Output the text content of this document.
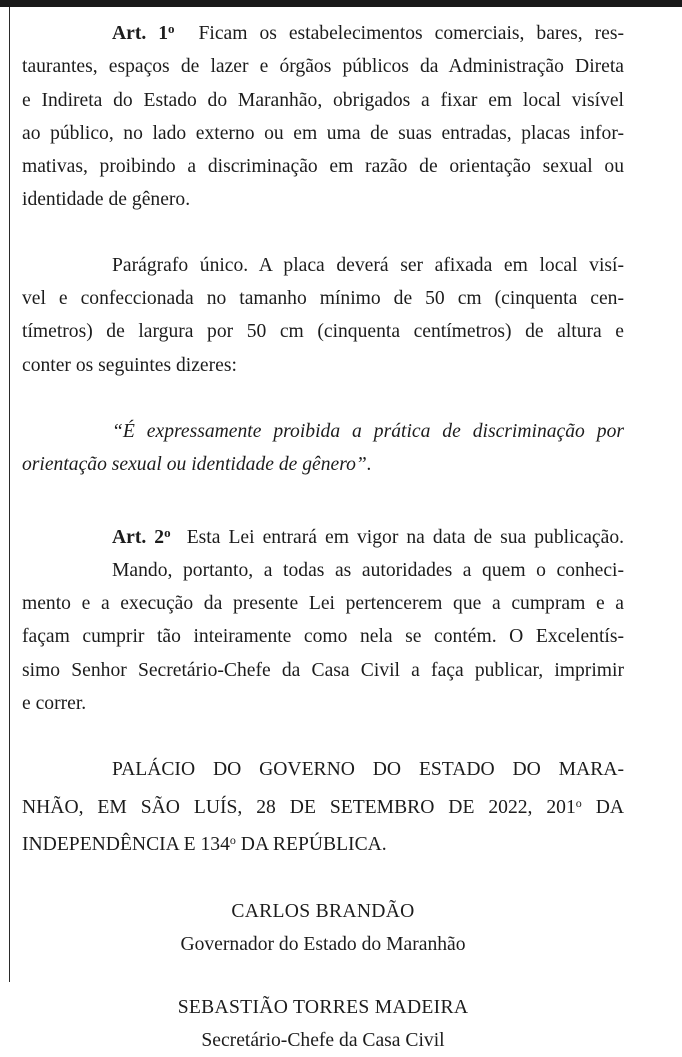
Art. 1$^o$ Ficam os estabelecimentos comerciais, bares, res-

taurantes, espaços de lazer e órgãos públicos da Administração Direta

e Indireta do Estado do Maranhão, obrigados a fixar em local visível

ao público, no lado externo ou em uma de suas entradas, placas infor-

mativas, proibindo a discriminação em razão de orientação sexual ou

identidade de gênero.

Parágrafo único. A placa deverá ser afixada em local visí-

vel e confeccionada no tamanho mínimo de 50 cm (cinquenta cen-

tímetros) de largura por 50 cm (cinquenta centímetros) de altura e

conter os seguintes dizeres:

“É expressamente proibida a prática de discriminação por

orientação sexual ou identidade de gênero”.

Art. 2$^o$ Esta Lei entrará em vigor na data de sua publicação.

Mando, portanto, a todas as autoridades a quem o conheci-

mento e a execução da presente Lei pertencerem que a cumpram e a

façam cumprir tão inteiramente como nela se contém. O Excelentís-

simo Senhor Secretário-Chefe da Casa Civil a faça publicar, imprimir

e correr.

PALÁCIO DO GOVERNO DO ESTADO DO MARA-

NHÃO, EM SÃO LUÍS, 28 DE SETEMBRO DE 2022, 201$^o$ DA

INDEPENDÊNCIA E 134$^o$ DA REPÚBLICA.

CARLOS BRANDÃO

Governador do Estado do Maranhão

SEBASTIÃO TORRES MADEIRA

Secretário-Chefe da Casa Civil
